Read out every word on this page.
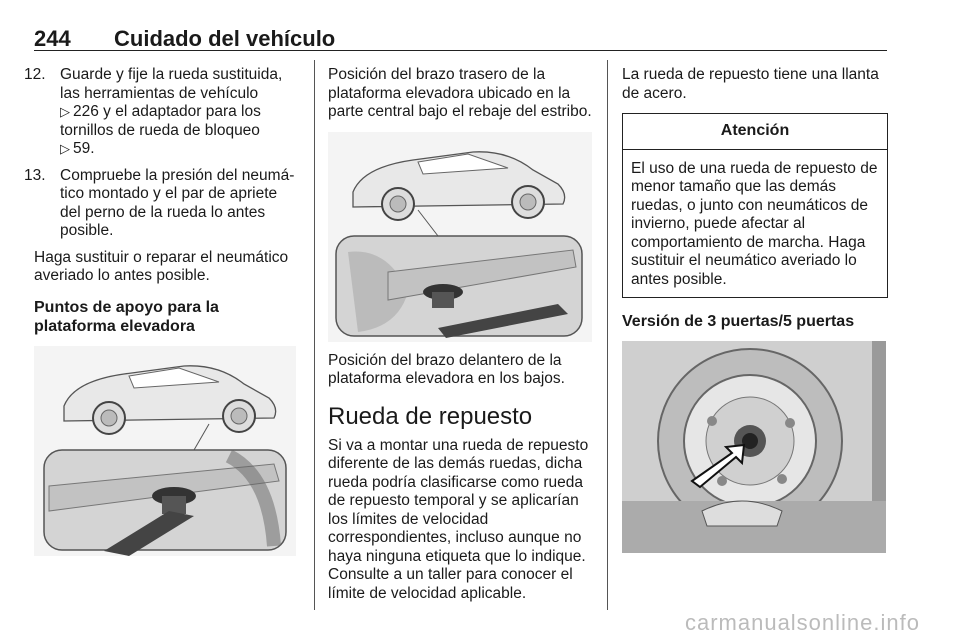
244 Cuidado del vehículo
12. Guarde y fije la rueda sustituida,
las herramientas de vehículo
▷ 226 y el adaptador para los
tornillos de rueda de bloqueo
▷ 59.
13. Compruebe la presión del neumá-
tico montado y el par de apriete
del perno de la rueda lo antes
posible.

Haga sustituir o reparar el neumático averiado lo antes posible.

Puntos de apoyo para la plataforma elevadora

Posición del brazo trasero de la plataforma elevadora ubicado en la parte central bajo el rebaje del estribo.

Posición del brazo delantero de la plataforma elevadora en los bajos.

Rueda de repuesto

Si va a montar una rueda de repuesto diferente de las demás ruedas, dicha rueda podría clasificarse como rueda de repuesto temporal y se aplicarían los límites de velocidad correspondientes, incluso aunque no haya ninguna etiqueta que lo indique. Consulte a un taller para conocer el límite de velocidad aplicable.

La rueda de repuesto tiene una llanta de acero.

Atención
El uso de una rueda de repuesto de menor tamaño que las demás ruedas, o junto con neumáticos de invierno, puede afectar al comportamiento de marcha. Haga sustituir el neumático averiado lo antes posible.
Versión de 3 puertas/5 puertas
carmanualsonline.info
